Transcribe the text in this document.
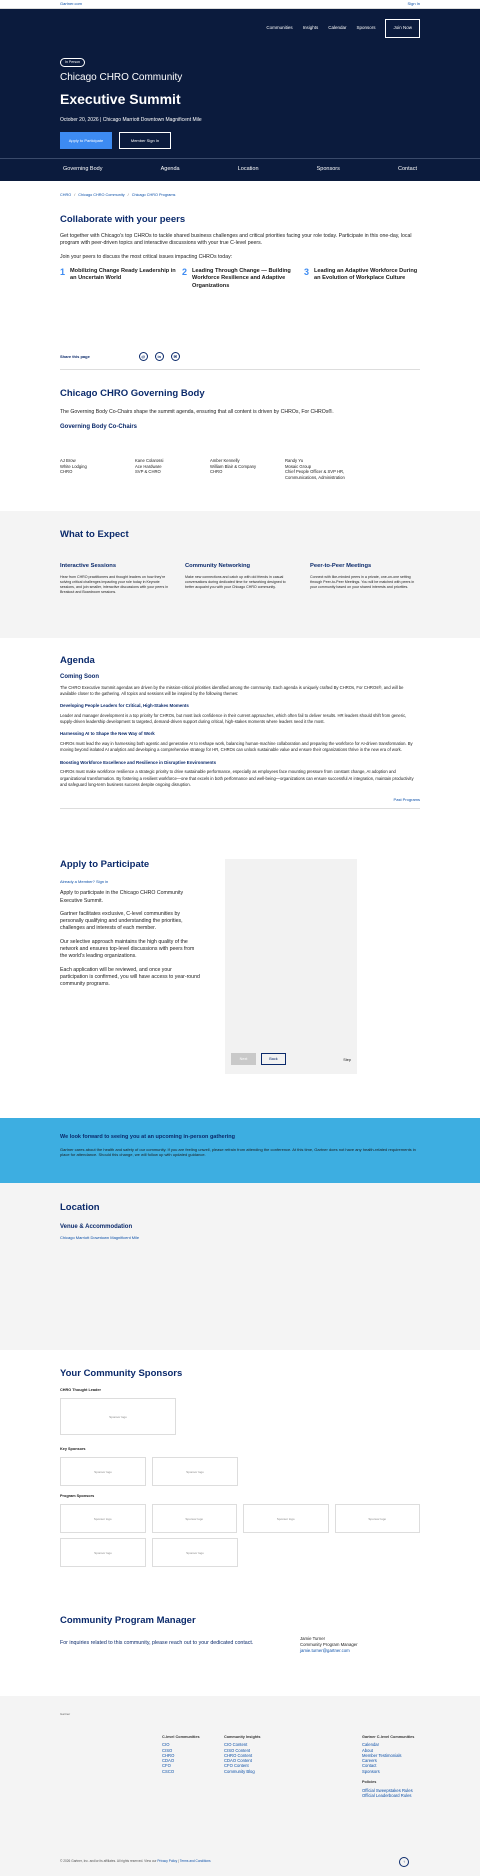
Gartner.com	Sign In
Communities Insights Calendar Sponsors	Join Now
In Person
Chicago CHRO Community
Executive Summit
October 20, 2026 | Chicago Marriott Downtown Magnificent Mile
Apply to Participate	Member Sign In
Governing Body	Agenda	Location	Sponsors	Contact
CHRO / Chicago CHRO Community / Chicago CHRO Programs
Collaborate with your peers

Get together with Chicago’s top CHROs to tackle shared business challenges and critical priorities facing your role today. Participate in this one-day, local program with peer-driven topics and interactive discussions with your true C-level peers.

Join your peers to discuss the most critical issues impacting CHROs today:

1 Mobilizing Change Ready Leadership in an Uncertain World
2 Leading Through Change — Building Workforce Resilience and Adaptive Organizations
3 Leading an Adaptive Workforce During an Evolution of Workplace Culture
Share this page	@	in	✉
Chicago CHRO Governing Body

The Governing Body Co-Chairs shape the summit agenda, ensuring that all content is driven by CHROs, For CHROs®.

Governing Body Co-Chairs
AJ Brow
White Lodging
CHRO
Kane Colarossi
Ace Hardware
SVP & CHRO
Amber Kennelly
William Blair & Company
CHRO
Randy Yu
Mosaic Group
Chief People Officer & SVP HR, Communications, Administration
What to Expect
Interactive Sessions

Hear from CHRO practitioners and thought leaders on how they’re solving critical challenges impacting your role today in Keynote sessions, and join smaller, interactive discussions with your peers in Breakout and Boardroom sessions.

Community Networking

Make new connections and catch up with old friends in casual conversations during dedicated time for networking designed to better acquaint you with your Chicago CHRO community.

Peer-to-Peer Meetings

Connect with like-minded peers in a private, one-on-one setting through Peer-to-Peer Meetings. You will be matched with peers in your community based on your shared interests and priorities.

Agenda
Coming Soon

The CHRO Executive Summit agendas are driven by the mission-critical priorities identified among the community. Each agenda is uniquely crafted By CHROs, For CHROs®, and will be available closer to the gathering. All topics and sessions will be inspired by the following themes:

Developing People Leaders for Critical, High-Stakes Moments

Leader and manager development is a top priority for CHROs, but most lack confidence in their current approaches, which often fail to deliver results. HR leaders should shift from generic, supply-driven leadership development to targeted, demand-driven support during critical, high-stakes moments where leaders need it the most.

Harnessing AI to Shape the New Way of Work

CHROs must lead the way in harnessing both agentic and generative AI to reshape work, balancing human-machine collaboration and preparing the workforce for AI-driven transformation. By moving beyond isolated AI analytics and developing a comprehensive strategy for HR, CHROs can unlock sustainable value and ensure their organizations thrive in the new era of work.

Boosting Workforce Excellence and Resilience in Disruptive Environments

CHROs must make workforce resilience a strategic priority to drive sustainable performance, especially as employees face mounting pressure from constant change, AI adoption and organizational transformation. By fostering a resilient workforce—one that excels in both performance and well-being—organizations can ensure successful AI integration, maintain productivity and safeguard long-term business success despite ongoing disruption.

Past Programs
Apply to Participate
Already a Member? Sign in

Apply to participate in the Chicago CHRO Community Executive Summit.

Gartner facilitates exclusive, C-level communities by personally qualifying and understanding the priorities, challenges and interests of each member.

Our selective approach maintains the high quality of the network and ensures top-level discussions with peers from the world’s leading organizations.

Each application will be reviewed, and once your participation is confirmed, you will have access to year-round community programs.

Next	Back	Step
We look forward to seeing you at an upcoming in-person gathering

Gartner cares about the health and safety of our community. If you are feeling unwell, please refrain from attending the conference. At this time, Gartner does not have any health-related requirements in place for attendance. Should this change, we will follow up with updated guidance.

Location
Venue & Accommodation
Chicago Marriott Downtown Magnificent Mile
Your Community Sponsors
CHRO Thought Leader
Sponsor logo
Key Sponsors
Sponsor logo	Sponsor logo
Program Sponsors
Sponsor logo	Sponsor logo	Sponsor logo	Sponsor logo
Sponsor logo	Sponsor logo
Community Program Manager

For inquiries related to this community, please reach out to your dedicated contact.

Jamie Turner
Community Program Manager
jamie.turner@gartner.com
Gartner
C-level Communities
CIO
CISO
CHRO
CDAO
CFO
CSCO
Community Insights
CIO Content
CISO Content
CHRO Content
CDAO Content
CFO Content
Community Blog
Gartner C-level Communities
Calendar
About
Member Testimonials
Careers
Contact
Sponsors
Policies
Official Sweepstakes Rules
Official Leaderboard Rules
© 2026 Gartner, Inc. and/or its affiliates. All rights reserved. View our Privacy Policy | Terms and Conditions	↑
